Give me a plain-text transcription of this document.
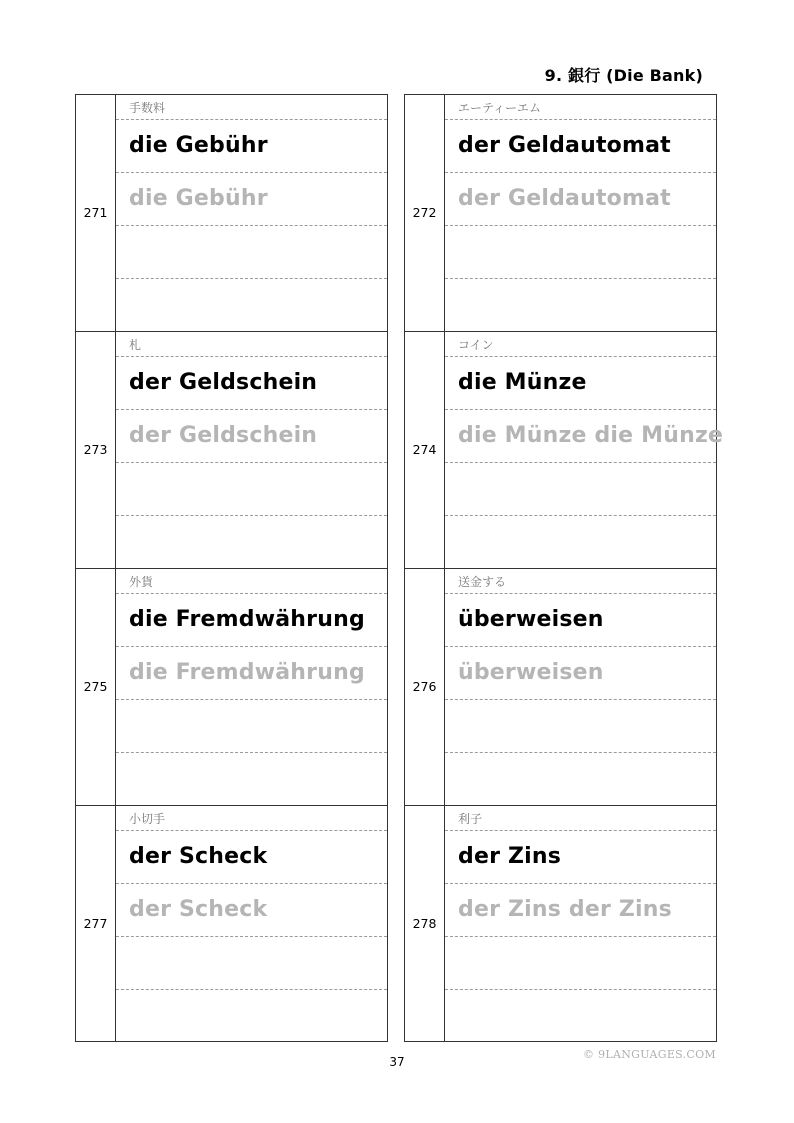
9. 銀行 (Die Bank)
271
手数料
die Gebühr
die Gebühr
273
札
der Geldschein
der Geldschein
275
外貨
die Fremdwährung
die Fremdwährung
277
小切手
der Scheck
der Scheck
272
エーティーエム
der Geldautomat
der Geldautomat
274
コイン
die Münze
die Münze die Münze
276
送金する
überweisen
überweisen
278
利子
der Zins
der Zins der Zins
37
© 9LANGUAGES.COM
